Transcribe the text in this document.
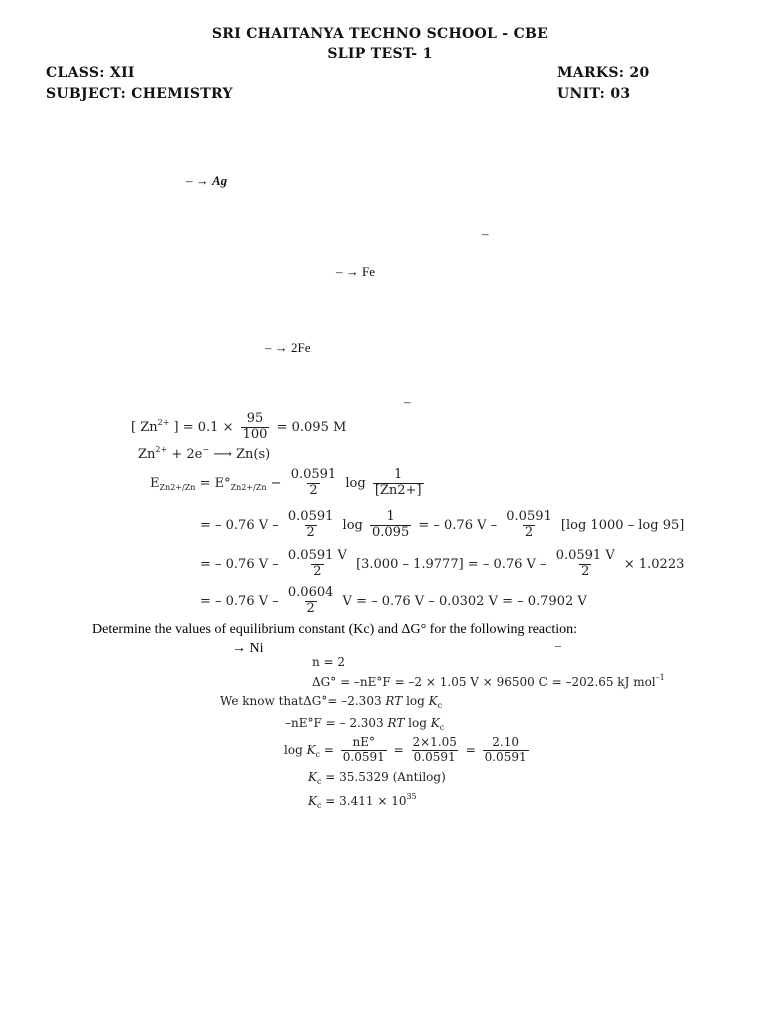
SRI CHAITANYA TECHNO SCHOOL - CBE
SLIP TEST- 1
CLASS: XII	MARKS: 20
SUBJECT: CHEMISTRY	UNIT: 03
– → Ag
–
– → Fe
– → 2Fe
–
[ $Zn^{2+}$ ] = $0.1 \times \frac{95}{100} = 0.095$ M
$Zn^{2+} + 2e^-$ ⟶ Zn(s)
$E_{Zn2+/Zn} = E^\circ_{Zn2+/Zn} - \frac{0.0591}{2}$ $\log \frac{1}{[Zn2+]}$
= – 0.76 V – $\frac{0.0591}{2}$ $\log \frac{1}{0.095}$ = – 0.76 V – $\frac{0.0591}{2} [\log$ 1000 – log 95]
= – 0.76 V – $\frac{0.0591 V}{2} [3.000 - 1.9777]$ = – 0.76 $V - \frac{0.0591 V}{2} \times 1.0223$
= – 0.76 V – $\frac{0.0604}{2}$ V = – 0.76 V – 0.0302 V = – 0.7902 V
Determine the values of equilibrium constant (Kc) and ΔG° for the following reaction:
→ Ni	–
n = 2
ΔG° = –nE°F = –2 × 1.05 V × 96500 C = –202.65 kJ mol$^{-1}$
We know thatΔG°= –2.303 RT $\log K_c$
–nE°F = – 2.303 RT $\log K_c$
$\log K_c = \frac{nE^\circ}{0.0591} = \frac{2\times 1.05}{0.0591} = \frac{2.10}{0.0591}$
$K_c = 35.5329$ (Antilog)
$K_c = 3.411 \times 10^{35}$
